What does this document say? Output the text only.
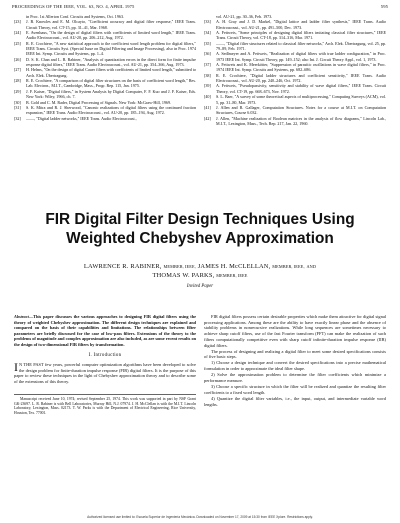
PROCEEDINGS OF THE IEEE, VOL. 63, NO. 4, APRIL 1975	595

in Proc. 1st Allerton Conf. Circuits and Systems, Oct. 1963.

[23] J. B. Knowles and E. M. Olcayto, "Coefficient accuracy and digital filter response," IEEE Trans. Circuit Theory, vol. CT-15, pp. 31–41, Mar. 1968.

[24] E. Avenhaus, "On the design of digital filters with coefficients of limited word length," IEEE Trans. Audio Electroacoust., vol. AU-20, pp. 206–212, Aug. 1972.

[25] R. E. Crochiere, "A new statistical approach to the coefficient word length problem for digital filters," IEEE Trans. Circuits Syst. (Special Issue on Digital Filtering and Image Processing), also in Proc. 1974 IEEE Int. Symp. Circuits and Systems, pp. 1–4.

[26] D. S. K. Chan and L. R. Rabiner, "Analysis of quantization errors in the direct form for finite impulse response digital filters," IEEE Trans. Audio Electroacoust., vol. AU-21, pp. 354–366, Aug. 1973.

[27] H. Helms, "On the design of digital Cauer filters with coefficients of limited word length," submitted to Arch. Elek. Übertragung.

[28] R. E. Crochiere, "A comparison of digital filter structures on the basis of coefficient word length," Res. Lab. Electron., M.I.T., Cambridge, Mass., Progr. Rep. 115, Jan. 1975.

[29] J. F. Kaiser, "Digital filters," in System Analysis by Digital Computer, F. F. Kuo and J. F. Kaiser, Eds. New York: Wiley, 1966, ch. 7.

[30] B. Gold and C. M. Rader, Digital Processing of Signals. New York: McGraw-Hill, 1969.

[31] S. K. Mitra and R. J. Sherwood, "Canonic realizations of digital filters using the continued fraction expansion," IEEE Trans. Audio Electroacoust., vol. AU-20, pp. 185–194, Aug. 1972.

[32] ——, "Digital ladder networks," IEEE Trans. Audio Electroacoust.,

vol. AU-21, pp. 30–36, Feb. 1973.

[33] A. H. Gray and J. D. Markel, "Digital lattice and ladder filter synthesis," IEEE Trans. Audio Electroacoust., vol. AU-21, pp. 491–500, Dec. 1973.

[34] A. Fettweis, "Some principles of designing digital filters imitating classical filter structures," IEEE Trans. Circuit Theory, vol. CT-18, pp. 314–316, Mar. 1971.

[35] ——, "Digital filter structures related to classical filter networks," Arch. Elek. Übertragung, vol. 25, pp. 79–89, Feb. 1971.

[36] A. Sedlmeyer and A. Fettweis, "Realization of digital filters with true ladder configuration," in Proc. 1973 IEEE Int. Symp. Circuit Theory, pp. 149–152; also Int. J. Circuit Theory Appl., vol. 1, 1973.

[37] A. Fettweis and K. Meerkötter, "Suppression of parasitic oscillations in wave digital filters," in Proc. 1974 IEEE Int. Symp. Circuits and Systems, pp. 682–686.

[38] R. E. Crochiere, "Digital ladder structures and coefficient sensitivity," IEEE Trans. Audio Electroacoust., vol. AU-20, pp. 240–246, Oct. 1972.

[39] A. Fettweis, "Pseudopassivity, sensitivity and stability of wave digital filters," IEEE Trans. Circuit Theory, vol. CT-19, pp. 668–673, Nov. 1972.

[40] S. L. Baer, "A survey of some theoretical aspects of multiprocessing," Computing Surveys (ACM), vol. 5, pp. 31–80, Mar. 1973.

[41] J. Allen and R. Gallager, Computation Structures. Notes for a course at M.I.T. on Computation Structures, Course 6.032.

[42] J. Allen, "Machine realization of Boolean matrices in the analysis of flow diagrams," Lincoln Lab., M.I.T., Lexington, Mass., Tech. Rep. 217, Jan. 22, 1960.

FIR Digital Filter Design Techniques Using
Weighted Chebyshev Approximation
LAWRENCE R. RABINER, MEMBER, IEEE, JAMES H. McCLELLAN, MEMBER, IEEE, AND
THOMAS W. PARKS, MEMBER, IEEE
Invited Paper

Abstract—This paper discusses the various approaches to designing FIR digital filters using the theory of weighted Chebyshev approximation. The different design techniques are explained and compared on the basis of their capabilities and limitations. The relationships between filter parameters are briefly discussed for the case of low-pass filters. Extensions of the theory to the problems of magnitude and complex approximation are also included, as are some recent results on the design of two-dimensional FIR filters by transformation.

I. Introduction

I N THE PAST few years, powerful computer optimization algorithms have been developed to solve the design problem for finite-duration impulse response (FIR) digital filters. It is the purpose of this paper to review these techniques in the light of Chebyshev approximation theory and to describe some of the extensions of this theory.

Manuscript received June 10, 1974; revised September 25, 1974. This work was supported in part by NSF Grant GK-23697. L. R. Rabiner is with Bell Laboratories, Murray Hill, N.J. 07974. J. H. McClellan is with the M.I.T. Lincoln Laboratory, Lexington, Mass. 02173. T. W. Parks is with the Department of Electrical Engineering, Rice University, Houston, Tex. 77001.

FIR digital filters possess certain desirable properties which make them attractive for digital signal processing applications. Among these are the ability to have exactly linear phase and the absence of stability problems in nonrecursive realizations. While long sequences are sometimes necessary to achieve sharp cutoff filters, use of the fast Fourier transform (FFT) can make the realization of such filters computationally competitive even with sharp cutoff infinite-duration impulse response (IIR) digital filters.

The process of designing and realizing a digital filter to meet some desired specifications consists of five basic steps.

1) Choose a design technique and convert the desired specifications into a precise mathematical formulation in order to approximate the ideal filter shape.

2) Solve the approximation problem to determine the filter coefficients which minimize a performance measure.

3) Choose a specific structure in which the filter will be realized and quantize the resulting filter coefficients to a fixed word length.

4) Quantize the digital filter variables, i.e., the input, output, and intermediate variable word lengths.

Authorized licensed use limited to: Escuela Superior de Ingeniería Mecánica. Downloaded on November 17, 2009 at 15:30 from IEEE Xplore. Restrictions apply.
